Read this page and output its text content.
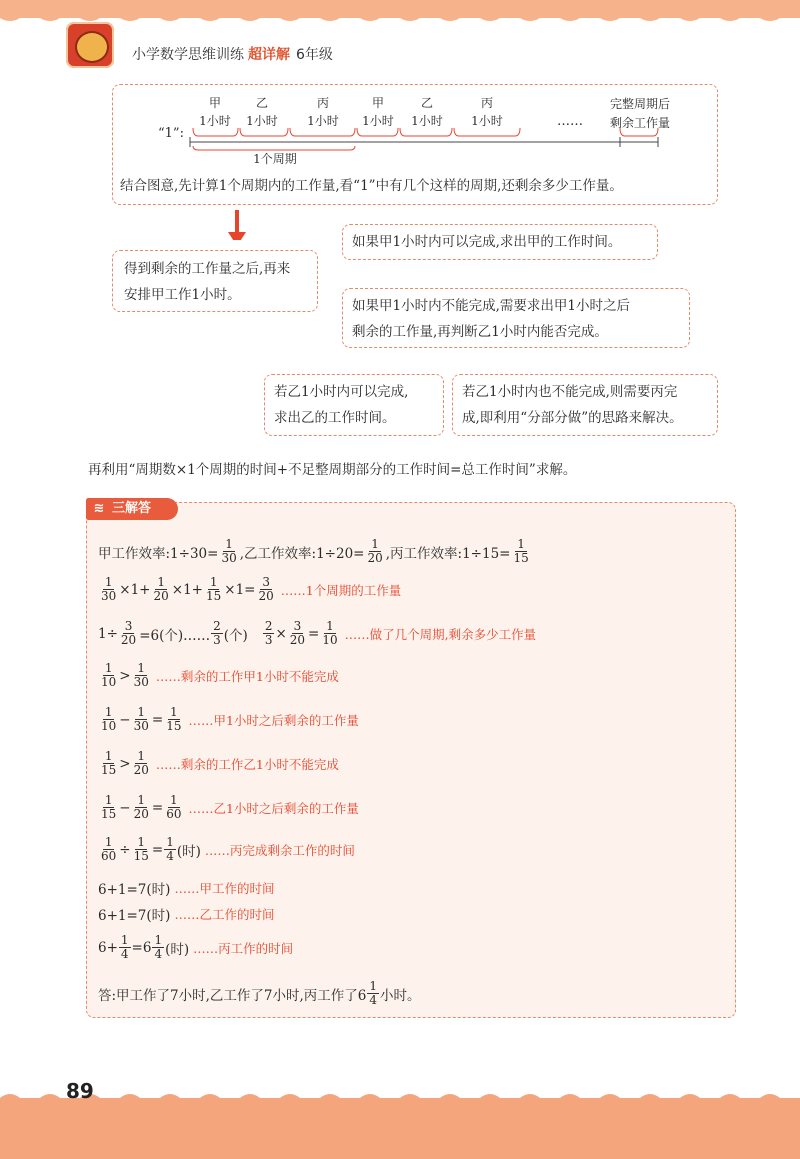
小学数学思维训练 超详解 6年级
“1”:
甲
1小时
乙
1小时
丙
1小时
甲
1小时
乙
1小时
丙
1小时	……
完整周期后
剩余工作量
1个周期
结合图意,先计算1个周期内的工作量,看“1”中有几个这样的周期,还剩余多少工作量。
得到剩余的工作量之后,再来
安排甲工作1小时。
如果甲1小时内可以完成,求出甲的工作时间。
如果甲1小时内不能完成,需要求出甲1小时之后
剩余的工作量,再判断乙1小时内能否完成。
若乙1小时内可以完成,
求出乙的工作时间。
若乙1小时内也不能完成,则需要丙完
成,即利用“分部分做”的思路来解决。
再利用“周期数×1个周期的时间+不足整周期部分的工作时间=总工作时间”求解。
≋ 三解答
甲工作效率:1÷30= $\frac{1}{30}$ ,乙工作效率:1÷20= $\frac{1}{20}$ ,丙工作效率:1÷15= $\frac{1}{15}$
$\frac{1}{30} \times 1+ \frac{1}{20} \times 1+ \frac{1}{15} \times 1= \frac{3}{20}$ ……1个周期的工作量
$1\div \frac{3}{20} =6$(个)…… $\frac{2}{3}$ (个) $\frac{2}{3} \times \frac{3}{20} = \frac{1}{10}$ ……做了几个周期,剩余多少工作量
$\frac{1}{10} > \frac{1}{30}$ ……剩余的工作甲1小时不能完成
$\frac{1}{10} - \frac{1}{30} = \frac{1}{15}$ ……甲1小时之后剩余的工作量
$\frac{1}{15} > \frac{1}{20}$ ……剩余的工作乙1小时不能完成
$\frac{1}{15} - \frac{1}{20} = \frac{1}{60}$ ……乙1小时之后剩余的工作量
$\frac{1}{60} \div \frac{1}{15} = \frac{1}{4}$ (时) ……丙完成剩余工作的时间
6+1=7(时) ……甲工作的时间
6+1=7(时) ……乙工作的时间
$6+ \frac{1}{4} =6 \frac{1}{4}$ (时) ……丙工作的时间
答:甲工作了7小时,乙工作了7小时,丙工作了$6 \frac{1}{4}$ 小时。
89
